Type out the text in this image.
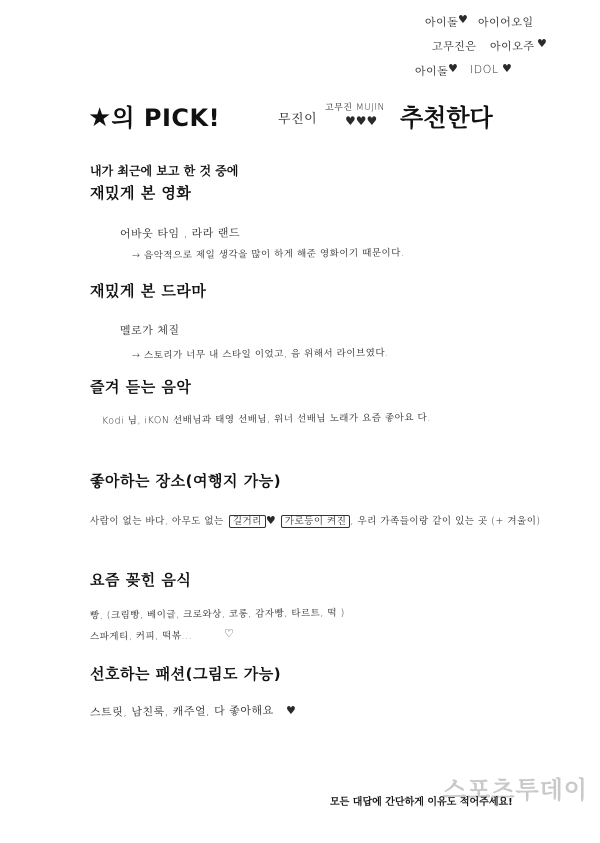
아이돌 ♥ 아이어오일
고무진은 아이오주 ♥
아이돌 ♥ IDOL ♥
★의 PICK!	무진이
고무진 MUJIN
♥♥♥ 추천한다
내가 최근에 보고 한 것 중에
재밌게 본 영화
어바웃 타임 , 라라 랜드
→ 음악적으로 제일 생각을 많이 하게 해준 영화이기 때문이다.
재밌게 본 드라마
멜로가 체질
→ 스토리가 너무 내 스타일 이었고, 음 위해서 라이브였다.
즐겨 듣는 음악
Kodi 님, iKON 선배님과 태영 선배님, 위너 선배님 노래가 요즘 좋아요 다.
좋아하는 장소(여행지 가능)
사람이 없는 바다, 아무도 없는 길거리 ♥ 가로등이 켜진 , 우리 가족들이랑 같이 있는 곳 (+ 겨울이)
요즘 꽂힌 음식
빵, (크림빵, 베이글, 크로와상, 코롱, 감자빵, 타르트, 떡 )
스파게티, 커피, 떡볶...	♡
선호하는 패션(그림도 가능)
스트릿, 남친룩, 캐주얼, 다 좋아해요 ♥
스포츠투데이
모든 대답에 간단하게 이유도 적어주세요!
